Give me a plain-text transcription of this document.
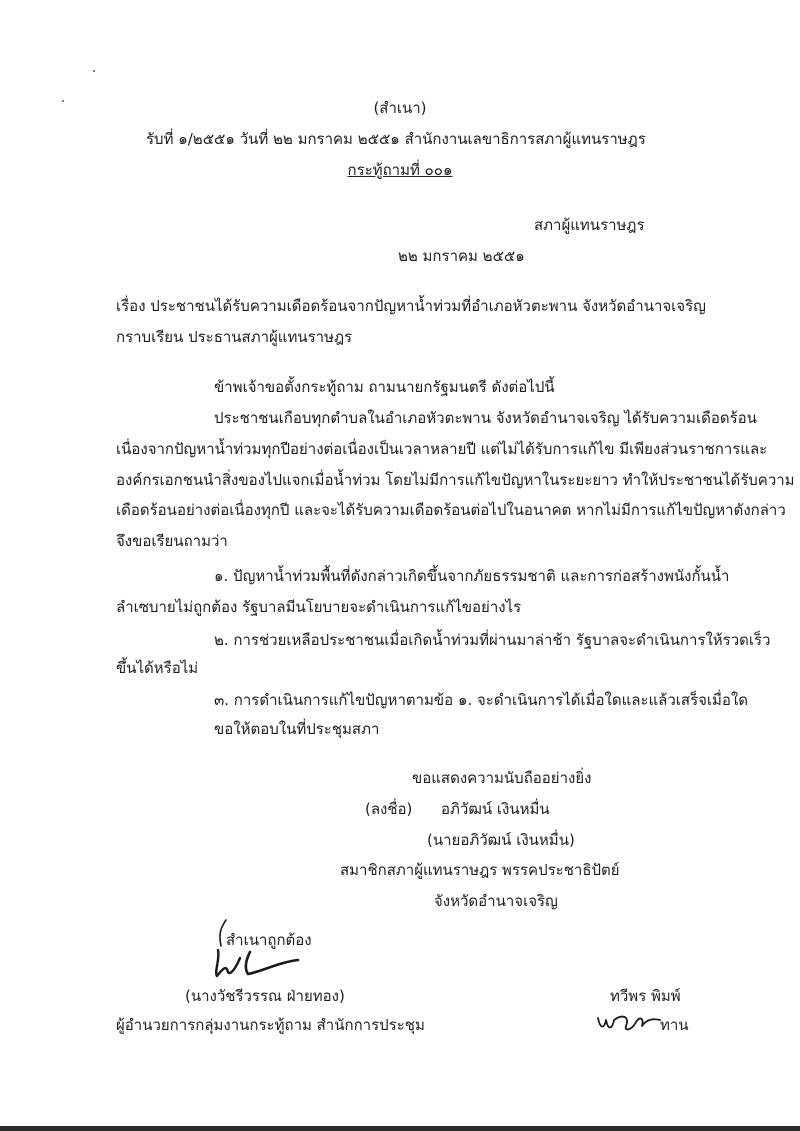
(สำเนา)
รับที่ ๑/๒๕๕๑ วันที่ ๒๒ มกราคม ๒๕๕๑ สำนักงานเลขาธิการสภาผู้แทนราษฎร
กระทู้ถามที่ ๐๐๑
สภาผู้แทนราษฎร
๒๒ มกราคม ๒๕๕๑
เรื่อง ประชาชนได้รับความเดือดร้อนจากปัญหาน้ำท่วมที่อำเภอหัวตะพาน จังหวัดอำนาจเจริญ
กราบเรียน ประธานสภาผู้แทนราษฎร
ข้าพเจ้าขอตั้งกระทู้ถาม ถามนายกรัฐมนตรี ดังต่อไปนี้
ประชาชนเกือบทุกตำบลในอำเภอหัวตะพาน จังหวัดอำนาจเจริญ ได้รับความเดือดร้อน
เนื่องจากปัญหาน้ำท่วมทุกปีอย่างต่อเนื่องเป็นเวลาหลายปี แต่ไม่ได้รับการแก้ไข มีเพียงส่วนราชการและ
องค์กรเอกชนนำสิ่งของไปแจกเมื่อน้ำท่วม โดยไม่มีการแก้ไขปัญหาในระยะยาว ทำให้ประชาชนได้รับความ
เดือดร้อนอย่างต่อเนื่องทุกปี และจะได้รับความเดือดร้อนต่อไปในอนาคต หากไม่มีการแก้ไขปัญหาดังกล่าว
จึงขอเรียนถามว่า
๑. ปัญหาน้ำท่วมพื้นที่ดังกล่าวเกิดขึ้นจากภัยธรรมชาติ และการก่อสร้างพนังกั้นน้ำ
ลำเซบายไม่ถูกต้อง รัฐบาลมีนโยบายจะดำเนินการแก้ไขอย่างไร
๒. การช่วยเหลือประชาชนเมื่อเกิดน้ำท่วมที่ผ่านมาล่าช้า รัฐบาลจะดำเนินการให้รวดเร็ว
ขึ้นได้หรือไม่
๓. การดำเนินการแก้ไขปัญหาตามข้อ ๑. จะดำเนินการได้เมื่อใดและแล้วเสร็จเมื่อใด
ขอให้ตอบในที่ประชุมสภา
ขอแสดงความนับถืออย่างยิ่ง
(ลงชื่อ) อภิวัฒน์ เงินหมื่น
(นายอภิวัฒน์ เงินหมื่น)
สมาชิกสภาผู้แทนราษฎร พรรคประชาธิปัตย์
จังหวัดอำนาจเจริญ
สำเนาถูกต้อง
(นางวัชรีวรรณ ฝ่ายทอง)
ผู้อำนวยการกลุ่มงานกระทู้ถาม สำนักการประชุม
ทวีพร พิมพ์
ทาน
